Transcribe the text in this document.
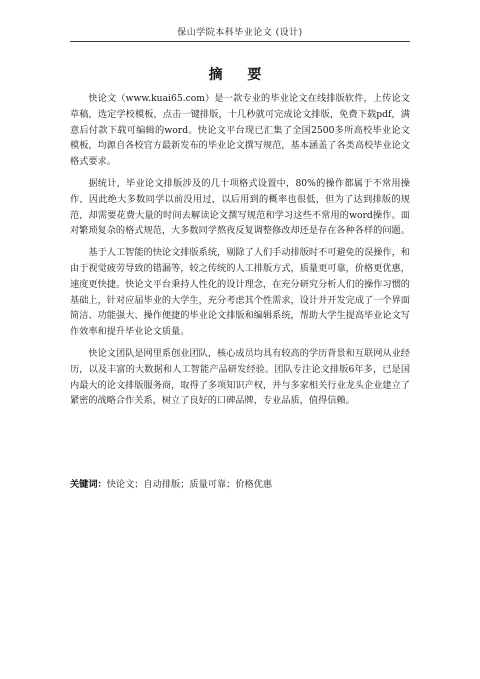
保山学院本科毕业论文 (设计)
摘 要

快论文（www.kuai65.com）是一款专业的毕业论文在线排版软件，上传论文草稿，选定学校模板，点击一键排版，十几秒就可完成论文排版，免费下载pdf，满意后付款下载可编辑的word。快论文平台现已汇集了全国2500多所高校毕业论文模板，均源自各校官方最新发布的毕业论文撰写规范，基本涵盖了各类高校毕业论文格式要求。

据统计，毕业论文排版涉及的几十项格式设置中，80%的操作都属于不常用操作，因此绝大多数同学以前没用过，以后用到的概率也很低，但为了达到排版的规范，却需要花费大量的时间去解读论文撰写规范和学习这些不常用的word操作。面对繁琐复杂的格式规范，大多数同学熬夜反复调整修改却还是存在各种各样的问题。

基于人工智能的快论文排版系统，剔除了人们手动排版时不可避免的误操作，和由于视觉疲劳导致的错漏等，较之传统的人工排版方式，质量更可靠，价格更优惠，速度更快捷。快论文平台秉持人性化的设计理念，在充分研究分析人们的操作习惯的基础上，针对应届毕业的大学生，充分考虑其个性需求，设计并开发完成了一个界面简洁、功能强大、操作便捷的毕业论文排版和编辑系统，帮助大学生提高毕业论文写作效率和提升毕业论文质量。

快论文团队是网里系创业团队，核心成员均具有较高的学历背景和互联网从业经历，以及丰富的大数据和人工智能产品研发经验。团队专注论文排版6年多，已是国内最大的论文排版服务商，取得了多项知识产权，并与多家相关行业龙头企业建立了紧密的战略合作关系，树立了良好的口碑品牌，专业品质，值得信赖。

关键词：快论文；自动排版；质量可靠；价格优惠
